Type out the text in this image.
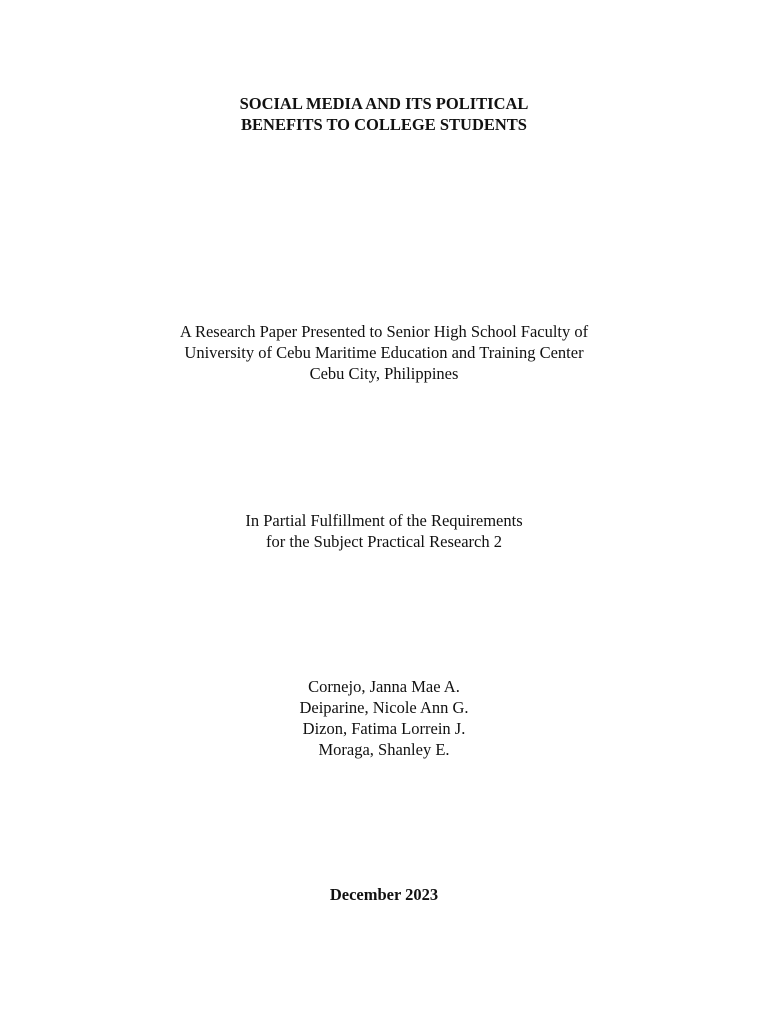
SOCIAL MEDIA AND ITS POLITICAL
BENEFITS TO COLLEGE STUDENTS
A Research Paper Presented to Senior High School Faculty of
University of Cebu Maritime Education and Training Center
Cebu City, Philippines
In Partial Fulfillment of the Requirements
for the Subject Practical Research 2
Cornejo, Janna Mae A.
Deiparine, Nicole Ann G.
Dizon, Fatima Lorrein J.
Moraga, Shanley E.
December 2023
